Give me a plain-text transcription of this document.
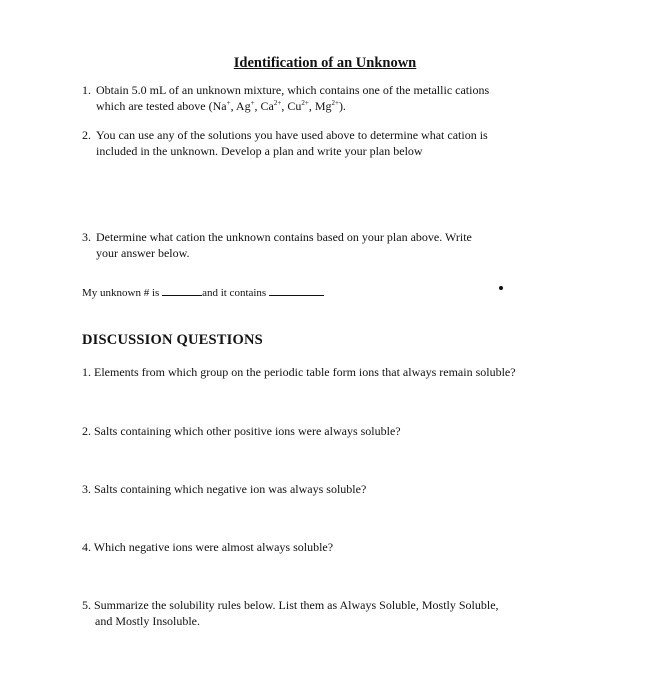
Identification of an Unknown
1. Obtain 5.0 mL of an unknown mixture, which contains one of the metallic cations
which are tested above (Na+, Ag+, $Ca^{2+}$, $Cu^{2+}$, $Mg^{2+}$).
2. You can use any of the solutions you have used above to determine what cation is
included in the unknown. Develop a plan and write your plan below
3. Determine what cation the unknown contains based on your plan above. Write
your answer below.
My unknown # is	and it contains
DISCUSSION QUESTIONS
1. Elements from which group on the periodic table form ions that always remain soluble?
2. Salts containing which other positive ions were always soluble?
3. Salts containing which negative ion was always soluble?
4. Which negative ions were almost always soluble?
5. Summarize the solubility rules below. List them as Always Soluble, Mostly Soluble,
and Mostly Insoluble.
